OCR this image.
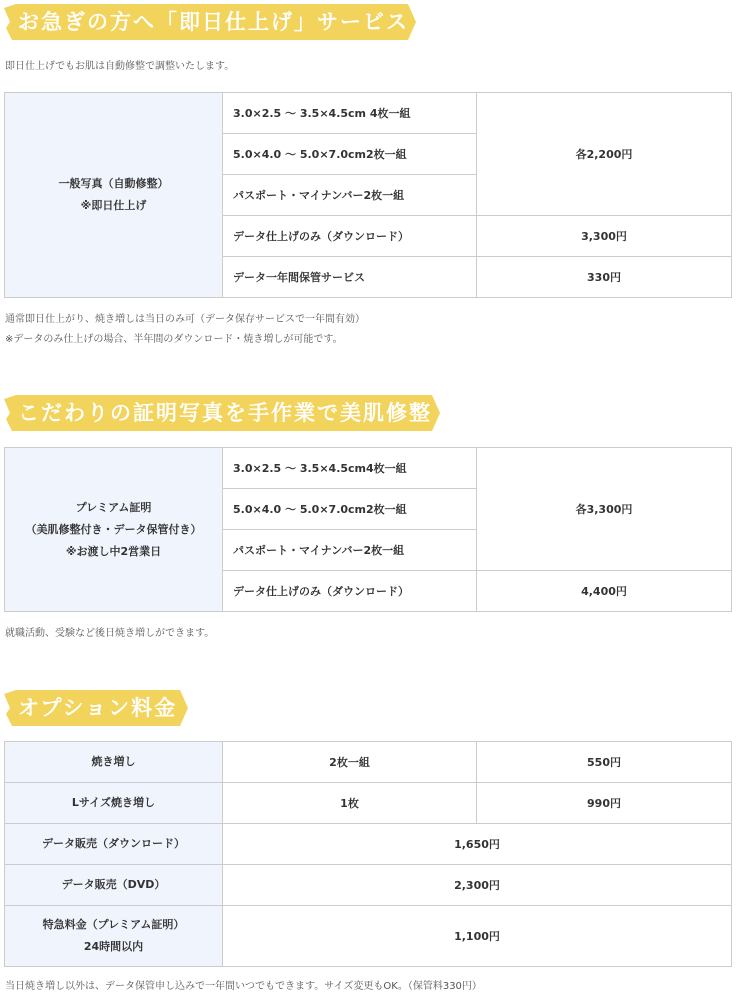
お急ぎの方へ「即日仕上げ」サービス
即日仕上げでもお肌は自動修整で調整いたします。
一般写真（自動修整）
※即日仕上げ	3.0×2.5 〜 3.5×4.5cm 4枚一組	各2,200円
	5.0×4.0 〜 5.0×7.0cm2枚一組	
	パスポート・マイナンバー2枚一組	
	データ仕上げのみ（ダウンロード）	3,300円
	データ一年間保管サービス	330円
通常即日仕上がり、焼き増しは当日のみ可（データ保存サービスで一年間有効）
※データのみ仕上げの場合、半年間のダウンロード・焼き増しが可能です。
こだわりの証明写真を手作業で美肌修整
プレミアム証明
（美肌修整付き・データ保管付き）
※お渡し中2営業日	3.0×2.5 〜 3.5×4.5cm4枚一組	各3,300円
	5.0×4.0 〜 5.0×7.0cm2枚一組	
	パスポート・マイナンバー2枚一組	
	データ仕上げのみ（ダウンロード）	4,400円
就職活動、受験など後日焼き増しができます。
オプション料金
焼き増し	2枚一組	550円
Lサイズ焼き増し	1枚	990円
データ販売（ダウンロード）	1,650円	
データ販売（DVD）	2,300円	

特急料金（プレミアム証明）
24時間以内	1,100円	
当日焼き増し以外は、データ保管申し込みで一年間いつでもできます。サイズ変更もOK。（保管料330円）
